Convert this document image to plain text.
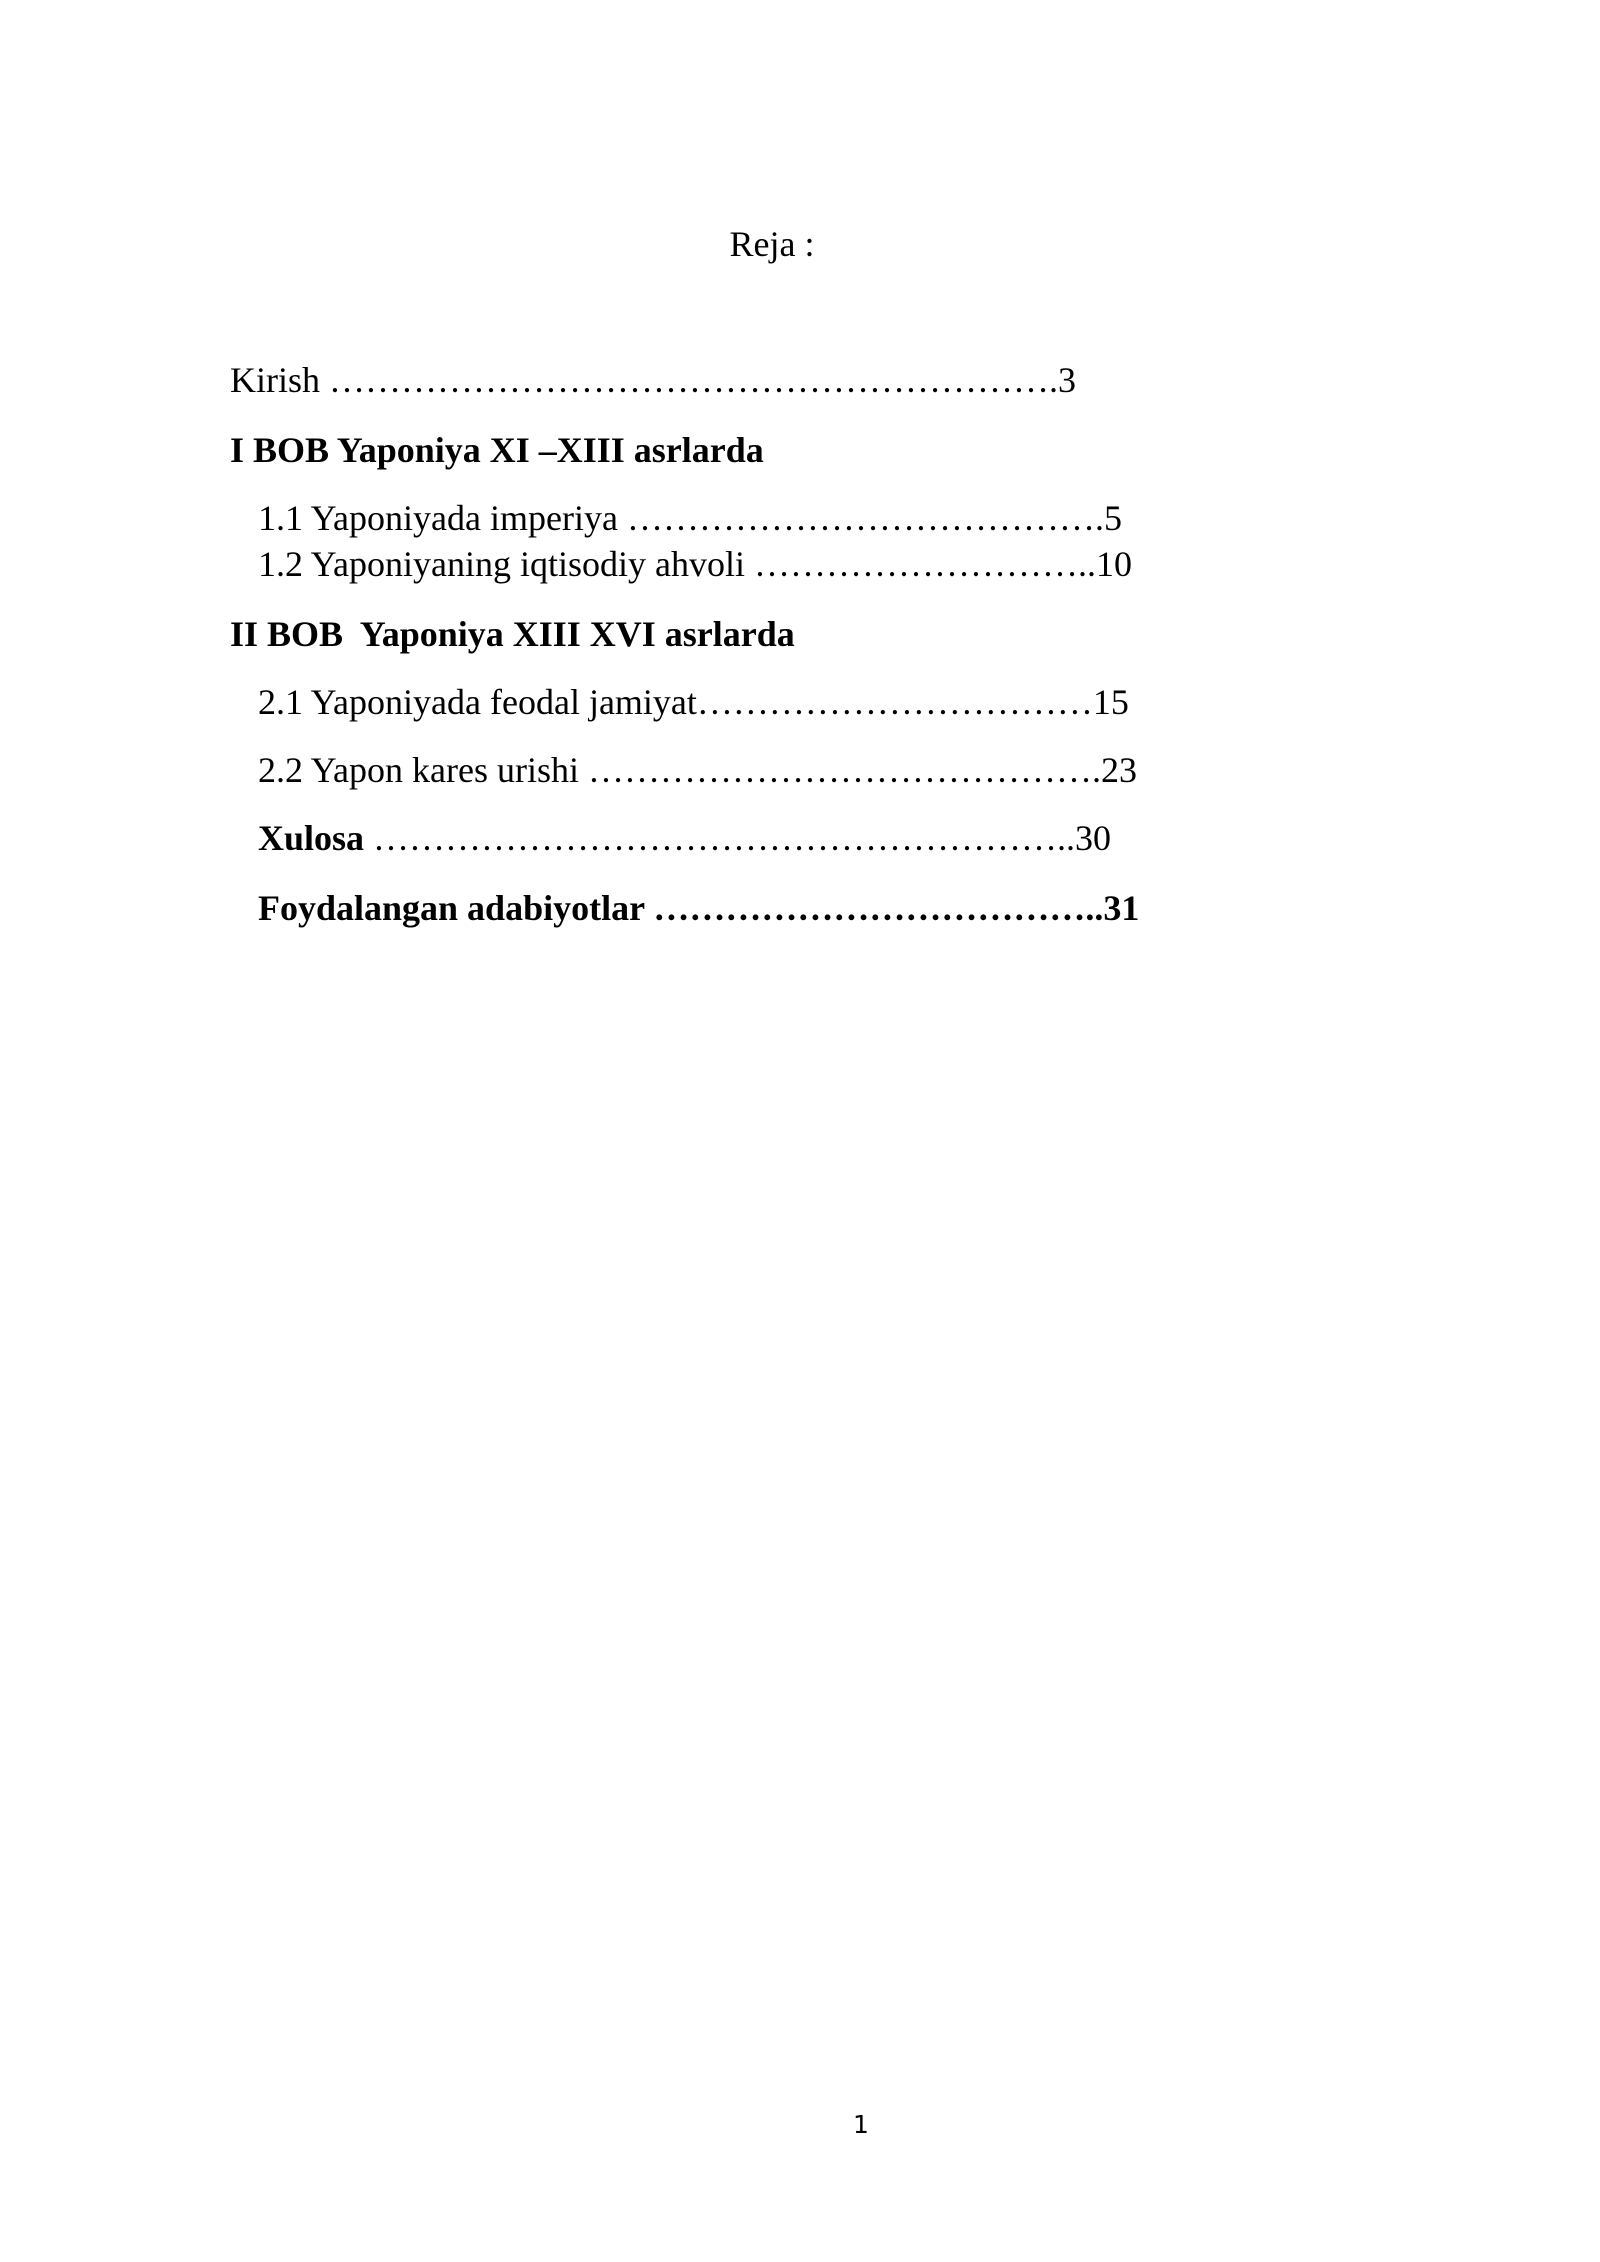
Reja :
Kirish …………………………………………………….3
I BOB Yaponiya XI –XIII asrlarda
1.1 Yaponiyada imperiya ………………………………….5
1.2 Yaponiyaning iqtisodiy ahvoli ………………………..10
II BOB  Yaponiya XIII XVI asrlarda
2.1 Yaponiyada feodal jamiyat……………………………15
2.2 Yapon kares urishi …………………………………….23
Xulosa …………………………………………………..30
Foydalangan adabiyotlar ………………………………..31
1
